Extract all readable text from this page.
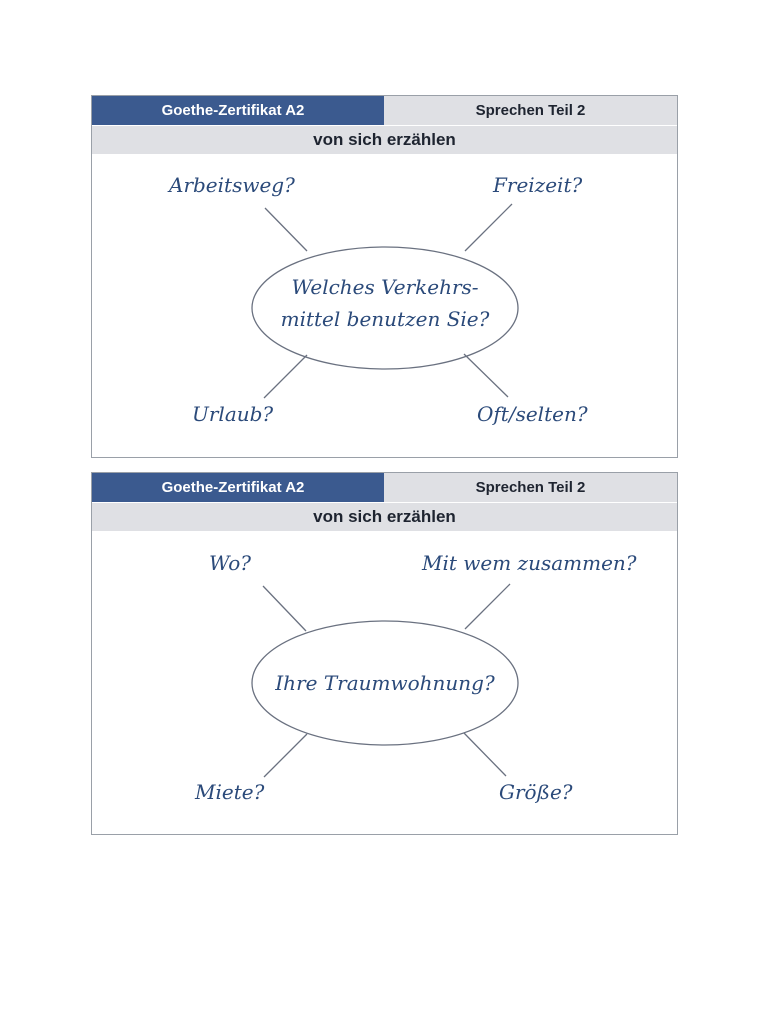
Goethe-Zertifikat A2	Sprechen Teil 2
von sich erzählen
Welches Verkehrs-
mittel benutzen Sie?
Arbeitsweg?	Freizeit?
Urlaub?	Oft/selten?
Goethe-Zertifikat A2	Sprechen Teil 2
von sich erzählen
Ihre Traumwohnung?
Wo?	Mit wem zusammen?
Miete?	Größe?
